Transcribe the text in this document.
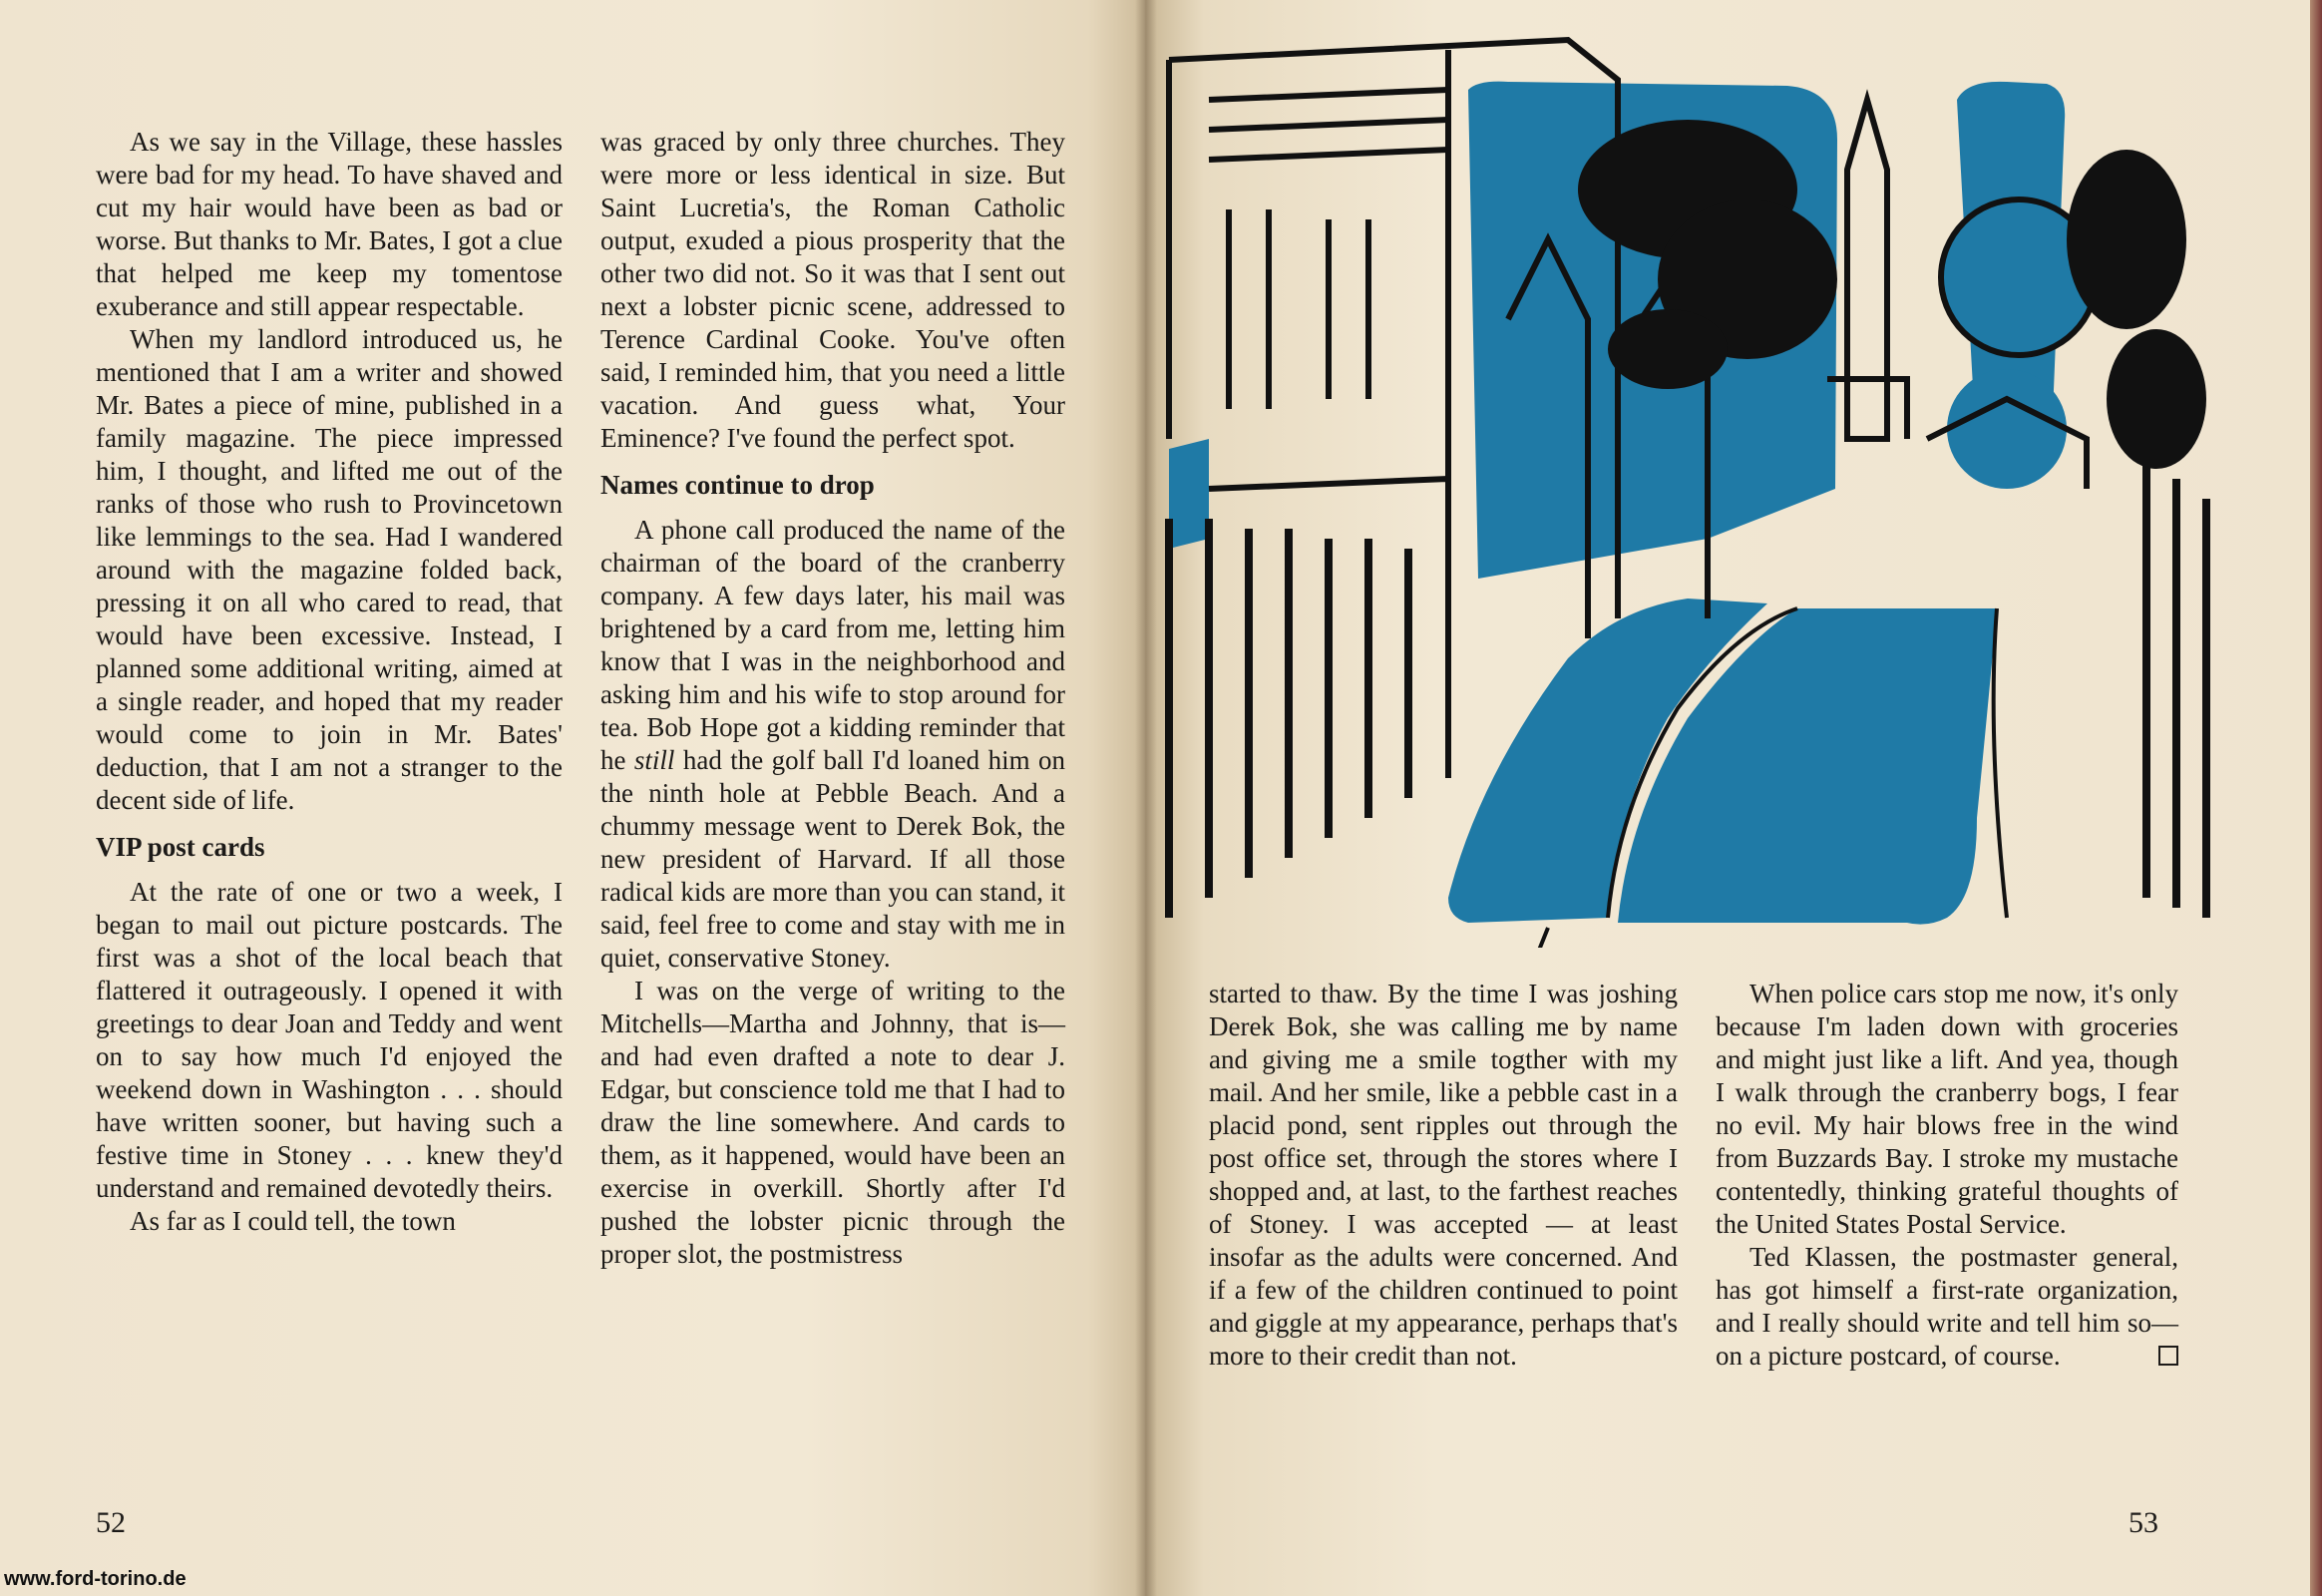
As we say in the Village, these hassles were bad for my head. To have shaved and cut my hair would have been as bad or worse. But thanks to Mr. Bates, I got a clue that helped me keep my tomentose exuberance and still appear respectable.

When my landlord introduced us, he mentioned that I am a writer and showed Mr. Bates a piece of mine, published in a family magazine. The piece impressed him, I thought, and lifted me out of the ranks of those who rush to Provincetown like lemmings to the sea. Had I wandered around with the magazine folded back, pressing it on all who cared to read, that would have been excessive. Instead, I planned some additional writing, aimed at a single reader, and hoped that my reader would come to join in Mr. Bates' deduction, that I am not a stranger to the decent side of life.

VIP post cards

At the rate of one or two a week, I began to mail out picture postcards. The first was a shot of the local beach that flattered it outrageously. I opened it with greetings to dear Joan and Teddy and went on to say how much I'd enjoyed the weekend down in Washington . . . should have written sooner, but having such a festive time in Stoney . . . knew they'd understand and remained devotedly theirs.

As far as I could tell, the town

was graced by only three churches. They were more or less identical in size. But Saint Lucretia's, the Roman Catholic output, exuded a pious prosperity that the other two did not. So it was that I sent out next a lobster picnic scene, addressed to Terence Cardinal Cooke. You've often said, I reminded him, that you need a little vacation. And guess what, Your Eminence? I've found the perfect spot.

Names continue to drop

A phone call produced the name of the chairman of the board of the cranberry company. A few days later, his mail was brightened by a card from me, letting him know that I was in the neighborhood and asking him and his wife to stop around for tea. Bob Hope got a kidding reminder that he still had the golf ball I'd loaned him on the ninth hole at Pebble Beach. And a chummy message went to Derek Bok, the new president of Harvard. If all those radical kids are more than you can stand, it said, feel free to come and stay with me in quiet, conservative Stoney.

I was on the verge of writing to the Mitchells—Martha and Johnny, that is—and had even drafted a note to dear J. Edgar, but conscience told me that I had to draw the line somewhere. And cards to them, as it happened, would have been an exercise in overkill. Shortly after I'd pushed the lobster picnic through the proper slot, the postmistress

52

started to thaw. By the time I was joshing Derek Bok, she was calling me by name and giving me a smile togther with my mail. And her smile, like a pebble cast in a placid pond, sent ripples out through the post office set, through the stores where I shopped and, at last, to the farthest reaches of Stoney. I was accepted — at least insofar as the adults were concerned. And if a few of the children continued to point and giggle at my appearance, perhaps that's more to their credit than not.

When police cars stop me now, it's only because I'm laden down with groceries and might just like a lift. And yea, though I walk through the cranberry bogs, I fear no evil. My hair blows free in the wind from Buzzards Bay. I stroke my mustache contentedly, thinking grateful thoughts of the United States Postal Service.

Ted Klassen, the postmaster general, has got himself a first-rate organization, and I really should write and tell him so—on a picture postcard, of course.

53
www.ford-torino.de
